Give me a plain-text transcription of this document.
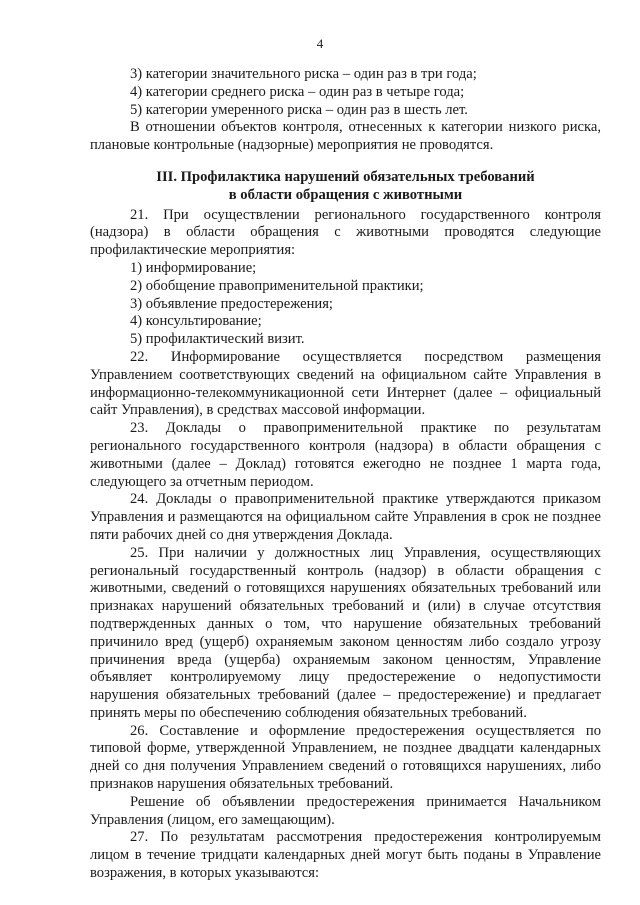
4

3) категории значительного риска – один раз в три года;

4) категории среднего риска – один раз в четыре года;

5) категории умеренного риска – один раз в шесть лет.

В отношении объектов контроля, отнесенных к категории низкого риска, плановые контрольные (надзорные) мероприятия не проводятся.

III. Профилактика нарушений обязательных требований
в области обращения с животными

21. При осуществлении регионального государственного контроля (надзора) в области обращения с животными проводятся следующие профилактические мероприятия:

1) информирование;

2) обобщение правоприменительной практики;

3) объявление предостережения;

4) консультирование;

5) профилактический визит.

22. Информирование осуществляется посредством размещения Управлением соответствующих сведений на официальном сайте Управления в информационно-телекоммуникационной сети Интернет (далее – официальный сайт Управления), в средствах массовой информации.

23. Доклады о правоприменительной практике по результатам регионального государственного контроля (надзора) в области обращения с животными (далее – Доклад) готовятся ежегодно не позднее 1 марта года, следующего за отчетным периодом.

24. Доклады о правоприменительной практике утверждаются приказом Управления и размещаются на официальном сайте Управления в срок не позднее пяти рабочих дней со дня утверждения Доклада.

25. При наличии у должностных лиц Управления, осуществляющих региональный государственный контроль (надзор) в области обращения с животными, сведений о готовящихся нарушениях обязательных требований или признаках нарушений обязательных требований и (или) в случае отсутствия подтвержденных данных о том, что нарушение обязательных требований причинило вред (ущерб) охраняемым законом ценностям либо создало угрозу причинения вреда (ущерба) охраняемым законом ценностям, Управление объявляет контролируемому лицу предостережение о недопустимости нарушения обязательных требований (далее – предостережение) и предлагает принять меры по обеспечению соблюдения обязательных требований.

26. Составление и оформление предостережения осуществляется по типовой форме, утвержденной Управлением, не позднее двадцати календарных дней со дня получения Управлением сведений о готовящихся нарушениях, либо признаков нарушения обязательных требований.

Решение об объявлении предостережения принимается Начальником Управления (лицом, его замещающим).

27. По результатам рассмотрения предостережения контролируемым лицом в течение тридцати календарных дней могут быть поданы в Управление возражения, в которых указываются:
